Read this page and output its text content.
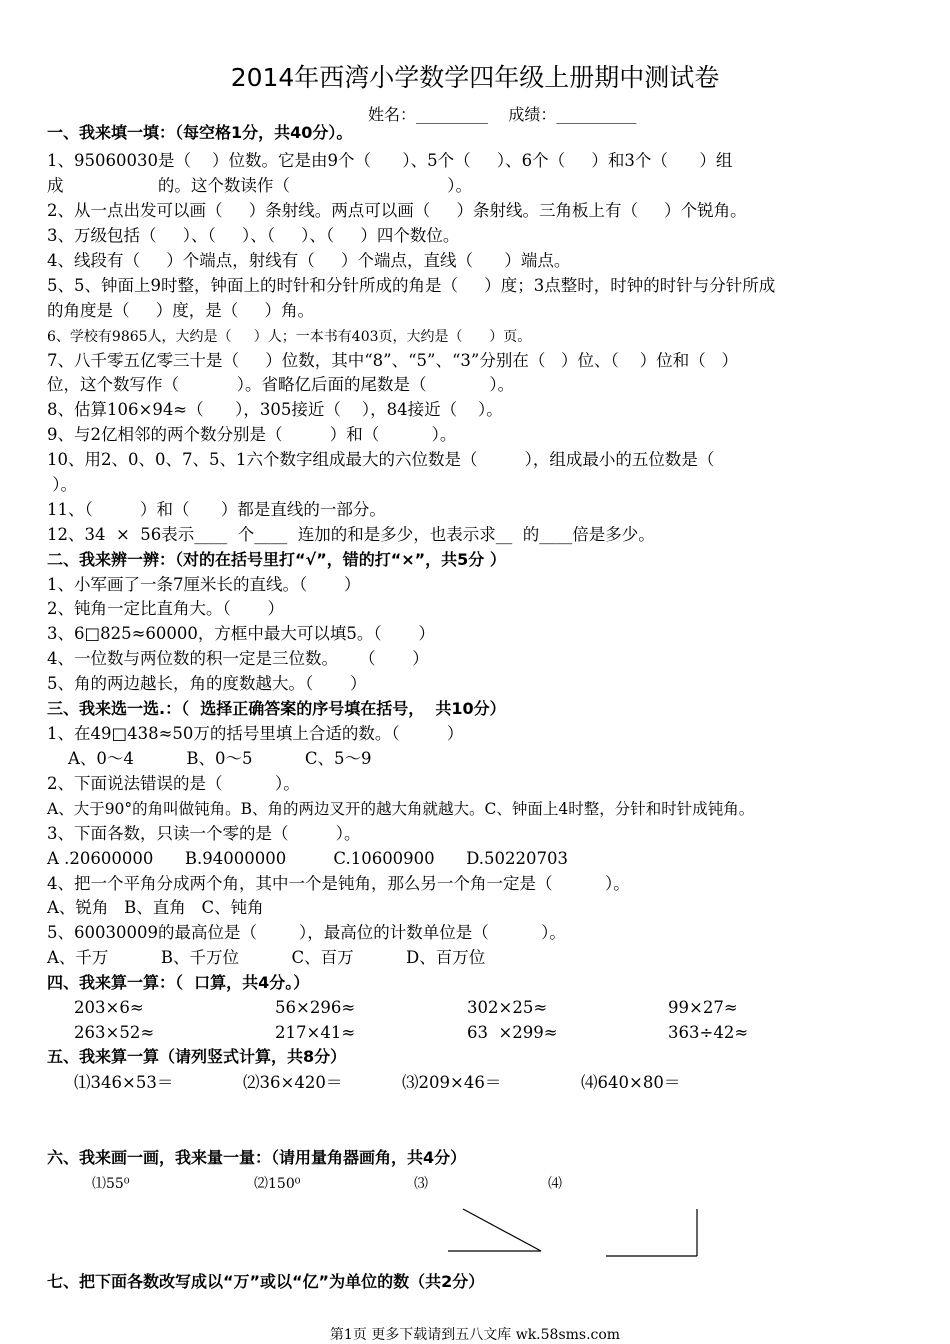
2014年西湾小学数学四年级上册期中测试卷
姓名：_________    成绩：__________
一、我来填一填：（每空格1分，共40分）。
1、95060030是（    ）位数。它是由9个（      ）、5个（     ）、6个（     ）和3个（      ）组
成                  的。这个数读作（                              ）。
2、从一点出发可以画（     ）条射线。两点可以画（     ）条射线。三角板上有（     ）个锐角。
3、万级包括（     ）、（     ）、（     ）、（     ）四个数位。
4、线段有（     ）个端点，射线有（     ）个端点，直线（      ）端点。
5、5、钟面上9时整，钟面上的时针和分针所成的角是（     ）度；3点整时，时钟的时针与分针所成
的角度是（     ）度，是（     ）角。
6、学校有9865人，大约是（     ）人；一本书有403页，大约是（      ）页。
7、八千零五亿零三十是（     ）位数，其中“8”、“5”、“3”分别在（   ）位、（    ）位和（   ）
位，这个数写作（           ）。省略亿后面的尾数是（            ）。
8、估算106×94≈（      ），305接近（    ），84接近（    ）。
9、与2亿相邻的两个数分别是（         ）和（          ）。
10、用2、0、0、7、5、1六个数字组成最大的六位数是（         ），组成最小的五位数是（
）。
11、（         ）和（      ）都是直线的一部分。
12、34  ×  56表示____  个____  连加的和是多少，也表示求__  的____倍是多少。
二、我来辨一辨：（对的在括号里打“√”，错的打“×”，共5分 ）
1、小军画了一条7厘米长的直线。（       ）
2、钝角一定比直角大。（       ）
3、6□825≈60000，方框中最大可以填5。（       ）
4、一位数与两位数的积一定是三位数。    （       ）
5、角的两边越长，角的度数越大。（       ）
三、我来选一选.：（  选择正确答案的序号填在括号，  共10分）
1、在49□438≈50万的括号里填上合适的数。（         ）
A、0～4          B、0～5          C、5～9
2、下面说法错误的是（          ）。
A、大于90°的角叫做钝角。B、角的两边叉开的越大角就越大。C、钟面上4时整，分针和时针成钝角。
3、下面各数，只读一个零的是（         ）。
A .20600000      B.94000000         C.10600900      D.50220703
4、把一个平角分成两个角，其中一个是钝角，那么另一个角一定是（          ）。
A、锐角   B、直角   C、钝角
5、60030009的最高位是（        ），最高位的计数单位是（          ）。
A、千万          B、千万位          C、百万          D、百万位
四、我来算一算：（  口算，共4分。）
203×6≈	56×296≈	302×25≈	99×27≈
263×52≈	217×41≈	63  ×299≈	363÷42≈
五、我来算一算（请列竖式计算，共8分）
⑴346×53＝	⑵36×420＝	⑶209×46＝	⑷640×80＝
六、我来画一画，我来量一量：（请用量角器画角，共4分）
⑴55⁰	⑵150⁰	⑶	⑷
七、把下面各数改写成以“万”或以“亿”为单位的数（共2分）
第1页 更多下载请到五八文库 wk.58sms.com
